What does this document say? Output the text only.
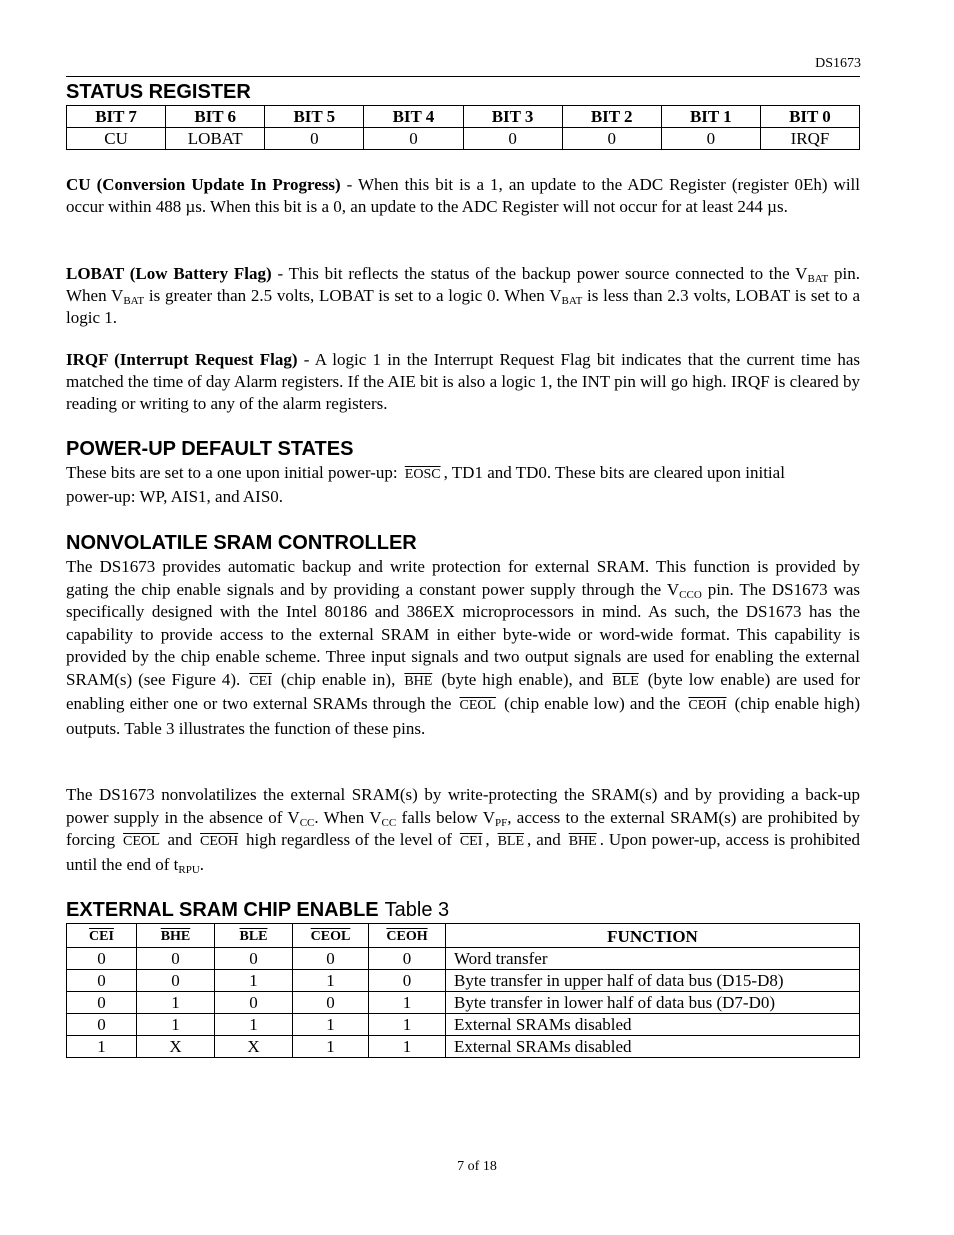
DS1673
STATUS REGISTER
BIT 7	BIT 6	BIT 5	BIT 4	BIT 3	BIT 2	BIT 1	BIT 0
CU	LOBAT	0	0	0	0	0	IRQF

CU (Conversion Update In Progress) - When this bit is a 1, an update to the ADC Register (register 0Eh) will occur within 488 µs. When this bit is a 0, an update to the ADC Register will not occur for at least 244 µs.

LOBAT (Low Battery Flag) - This bit reflects the status of the backup power source connected to the $V_{BAT}$ pin. When $V_{BAT}$ is greater than 2.5 volts, LOBAT is set to a logic 0. When $V_{BAT}$ is less than 2.3 volts, LOBAT is set to a logic 1.

IRQF (Interrupt Request Flag) - A logic 1 in the Interrupt Request Flag bit indicates that the current time has matched the time of day Alarm registers. If the AIE bit is also a logic 1, the INT pin will go high. IRQF is cleared by reading or writing to any of the alarm registers.

POWER-UP DEFAULT STATES

These bits are set to a one upon initial power-up: EOSC , TD1 and TD0. These bits are cleared upon initial power-up: WP, AIS1, and AIS0.

NONVOLATILE SRAM CONTROLLER

The DS1673 provides automatic backup and write protection for external SRAM. This function is provided by gating the chip enable signals and by providing a constant power supply through the $V_{CCO}$ pin. The DS1673 was specifically designed with the Intel 80186 and 386EX microprocessors in mind. As such, the DS1673 has the capability to provide access to the external SRAM in either byte-wide or word-wide format. This capability is provided by the chip enable scheme. Three input signals and two output signals are used for enabling the external SRAM(s) (see Figure 4). $\overline{CEI}$ (chip enable in), $\overline{BHE}$ (byte high enable), and $\overline{BLE}$ (byte low enable) are used for enabling either one or two external SRAMs through the CEOL (chip enable low) and the CEOH (chip enable high) outputs. Table 3 illustrates the function of these pins.

The DS1673 nonvolatilizes the external SRAM(s) by write-protecting the SRAM(s) and by providing a back-up power supply in the absence of $V_{CC}$. When $V_{CC}$ falls below $V_{PF}$, access to the external SRAM(s) are prohibited by forcing CEOL and CEOH high regardless of the level of $\overline{CEI}$ , $\overline{BLE}$ , and $\overline{BHE}$ . Upon power-up, access is prohibited until the end of $t_{RPU}$.

EXTERNAL SRAM CHIP ENABLE Table 3
$\overline{CEI}$	$\overline{BHE}$	$\overline{BLE}$	CEOL	CEOH	FUNCTION
0	0	0	0	0	Word transfer
0	0	1	1	0	Byte transfer in upper half of data bus (D15-D8)
0	1	0	0	1	Byte transfer in lower half of data bus (D7-D0)
0	1	1	1	1	External SRAMs disabled
1	X	X	1	1	External SRAMs disabled
7 of 18
